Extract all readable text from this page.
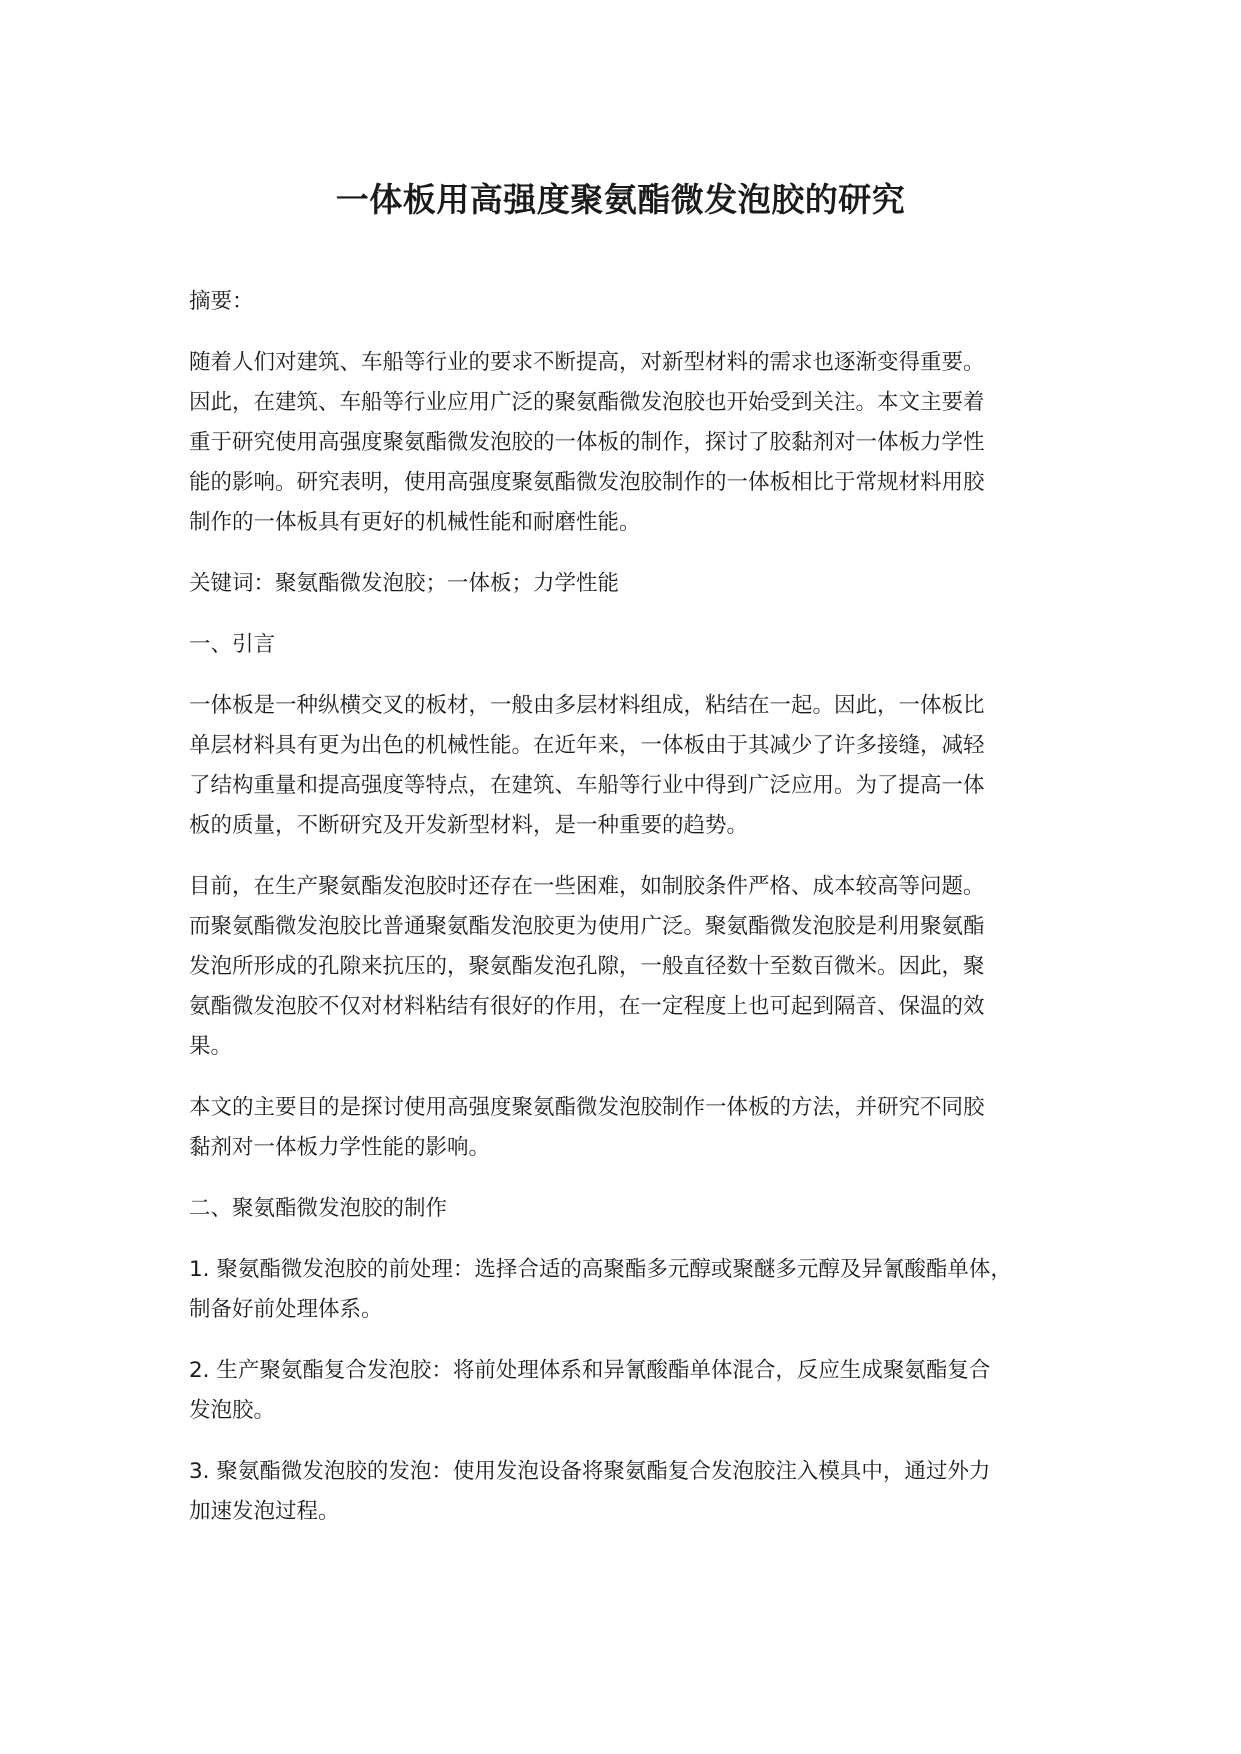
一体板用高强度聚氨酯微发泡胶的研究

摘要：

随着人们对建筑、车船等行业的要求不断提高，对新型材料的需求也逐渐变得重要。
因此，在建筑、车船等行业应用广泛的聚氨酯微发泡胶也开始受到关注。本文主要着
重于研究使用高强度聚氨酯微发泡胶的一体板的制作，探讨了胶黏剂对一体板力学性
能的影响。研究表明，使用高强度聚氨酯微发泡胶制作的一体板相比于常规材料用胶
制作的一体板具有更好的机械性能和耐磨性能。

关键词：聚氨酯微发泡胶；一体板；力学性能

一、引言

一体板是一种纵横交叉的板材，一般由多层材料组成，粘结在一起。因此，一体板比
单层材料具有更为出色的机械性能。在近年来，一体板由于其减少了许多接缝，减轻
了结构重量和提高强度等特点，在建筑、车船等行业中得到广泛应用。为了提高一体
板的质量，不断研究及开发新型材料，是一种重要的趋势。

目前，在生产聚氨酯发泡胶时还存在一些困难，如制胶条件严格、成本较高等问题。
而聚氨酯微发泡胶比普通聚氨酯发泡胶更为使用广泛。聚氨酯微发泡胶是利用聚氨酯
发泡所形成的孔隙来抗压的，聚氨酯发泡孔隙，一般直径数十至数百微米。因此，聚
氨酯微发泡胶不仅对材料粘结有很好的作用，在一定程度上也可起到隔音、保温的效
果。

本文的主要目的是探讨使用高强度聚氨酯微发泡胶制作一体板的方法，并研究不同胶
黏剂对一体板力学性能的影响。

二、聚氨酯微发泡胶的制作

1. 聚氨酯微发泡胶的前处理：选择合适的高聚酯多元醇或聚醚多元醇及异氰酸酯单体，
制备好前处理体系。

2. 生产聚氨酯复合发泡胶：将前处理体系和异氰酸酯单体混合，反应生成聚氨酯复合
发泡胶。

3. 聚氨酯微发泡胶的发泡：使用发泡设备将聚氨酯复合发泡胶注入模具中，通过外力
加速发泡过程。
